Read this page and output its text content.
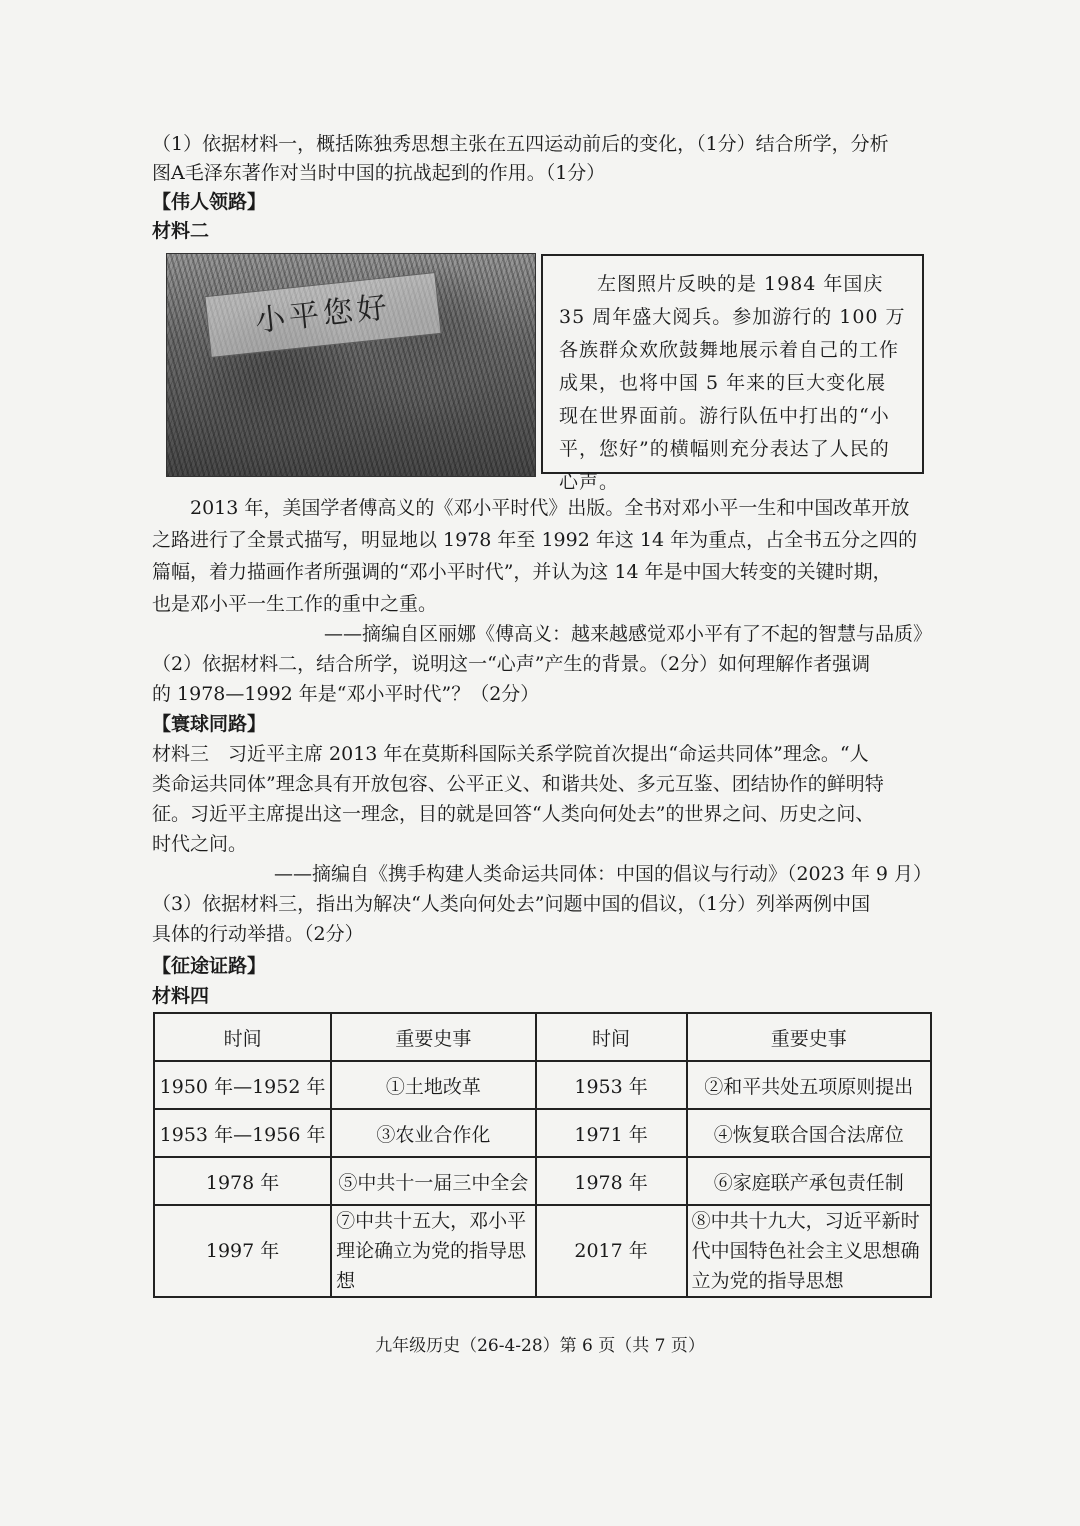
（1）依据材料一，概括陈独秀思想主张在五四运动前后的变化，（1分）结合所学，分析
图A毛泽东著作对当时中国的抗战起到的作用。（1分）
【伟人领路】
材料二
小平您好

左图照片反映的是 1984 年国庆 35 周年盛大阅兵。参加游行的 100 万各族群众欢欣鼓舞地展示着自己的工作成果，也将中国 5 年来的巨大变化展现在世界面前。游行队伍中打出的“小平，您好”的横幅则充分表达了人民的心声。

2013 年，美国学者傅高义的《邓小平时代》出版。全书对邓小平一生和中国改革开放
之路进行了全景式描写，明显地以 1978 年至 1992 年这 14 年为重点，占全书五分之四的
篇幅，着力描画作者所强调的“邓小平时代”，并认为这 14 年是中国大转变的关键时期，
也是邓小平一生工作的重中之重。
——摘编自区丽娜《傅高义：越来越感觉邓小平有了不起的智慧与品质》
（2）依据材料二，结合所学，说明这一“心声”产生的背景。（2分）如何理解作者强调
的 1978—1992 年是“邓小平时代”？（2分）
【寰球同路】
材料三　习近平主席 2013 年在莫斯科国际关系学院首次提出“命运共同体”理念。“人
类命运共同体”理念具有开放包容、公平正义、和谐共处、多元互鉴、团结协作的鲜明特
征。习近平主席提出这一理念，目的就是回答“人类向何处去”的世界之问、历史之问、
时代之问。
——摘编自《携手构建人类命运共同体：中国的倡议与行动》（2023 年 9 月）
（3）依据材料三，指出为解决“人类向何处去”问题中国的倡议，（1分）列举两例中国
具体的行动举措。（2分）
【征途证路】
材料四
时间	重要史事	时间	重要史事
1950 年—1952 年	①土地改革	1953 年	②和平共处五项原则提出
1953 年—1956 年	③农业合作化	1971 年	④恢复联合国合法席位
1978 年	⑤中共十一届三中全会	1978 年	⑥家庭联产承包责任制
1997 年	⑦中共十五大，邓小平理论确立为党的指导思想	2017 年	⑧中共十九大，习近平新时代中国特色社会主义思想确立为党的指导思想
九年级历史（26-4-28）第 6 页（共 7 页）
